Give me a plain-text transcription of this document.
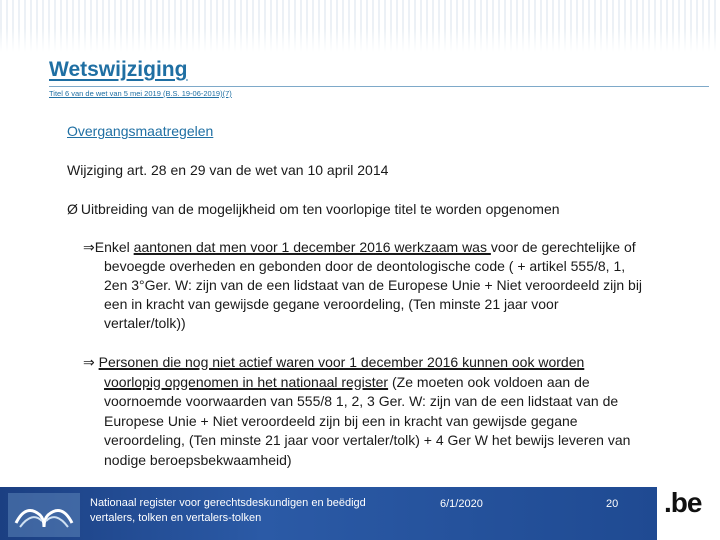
Wetswijziging
Titel 6 van de wet van 5 mei 2019 (B.S. 19-06-2019)(7)
Overgangsmaatregelen
Wijziging art. 28 en 29 van de wet van 10 april 2014
Ø Uitbreiding van de mogelijkheid om ten voorlopige titel te worden opgenomen
⇒Enkel aantonen dat men voor 1 december 2016 werkzaam was voor de gerechtelijke of bevoegde overheden en gebonden door de deontologische code ( + artikel 555/8, 1, 2en 3°Ger. W: zijn van de een lidstaat van de Europese Unie + Niet veroordeeld zijn bij een in kracht van gewijsde gegane veroordeling, (Ten minste 21 jaar voor vertaler/tolk))
⇒ Personen die nog niet actief waren voor 1 december 2016 kunnen ook worden voorlopig opgenomen in het nationaal register (Ze moeten ook voldoen aan de voornoemde voorwaarden van 555/8 1, 2, 3 Ger. W: zijn van de een lidstaat van de Europese Unie + Niet veroordeeld zijn bij een in kracht van gewijsde gegane veroordeling, (Ten minste 21 jaar voor vertaler/tolk) + 4 Ger W het bewijs leveren van nodige beroepsbekwaamheid)
Nationaal register voor gerechtsdeskundigen en beëdigd
vertalers, tolken en vertalers-tolken
6/1/2020	20 .be
